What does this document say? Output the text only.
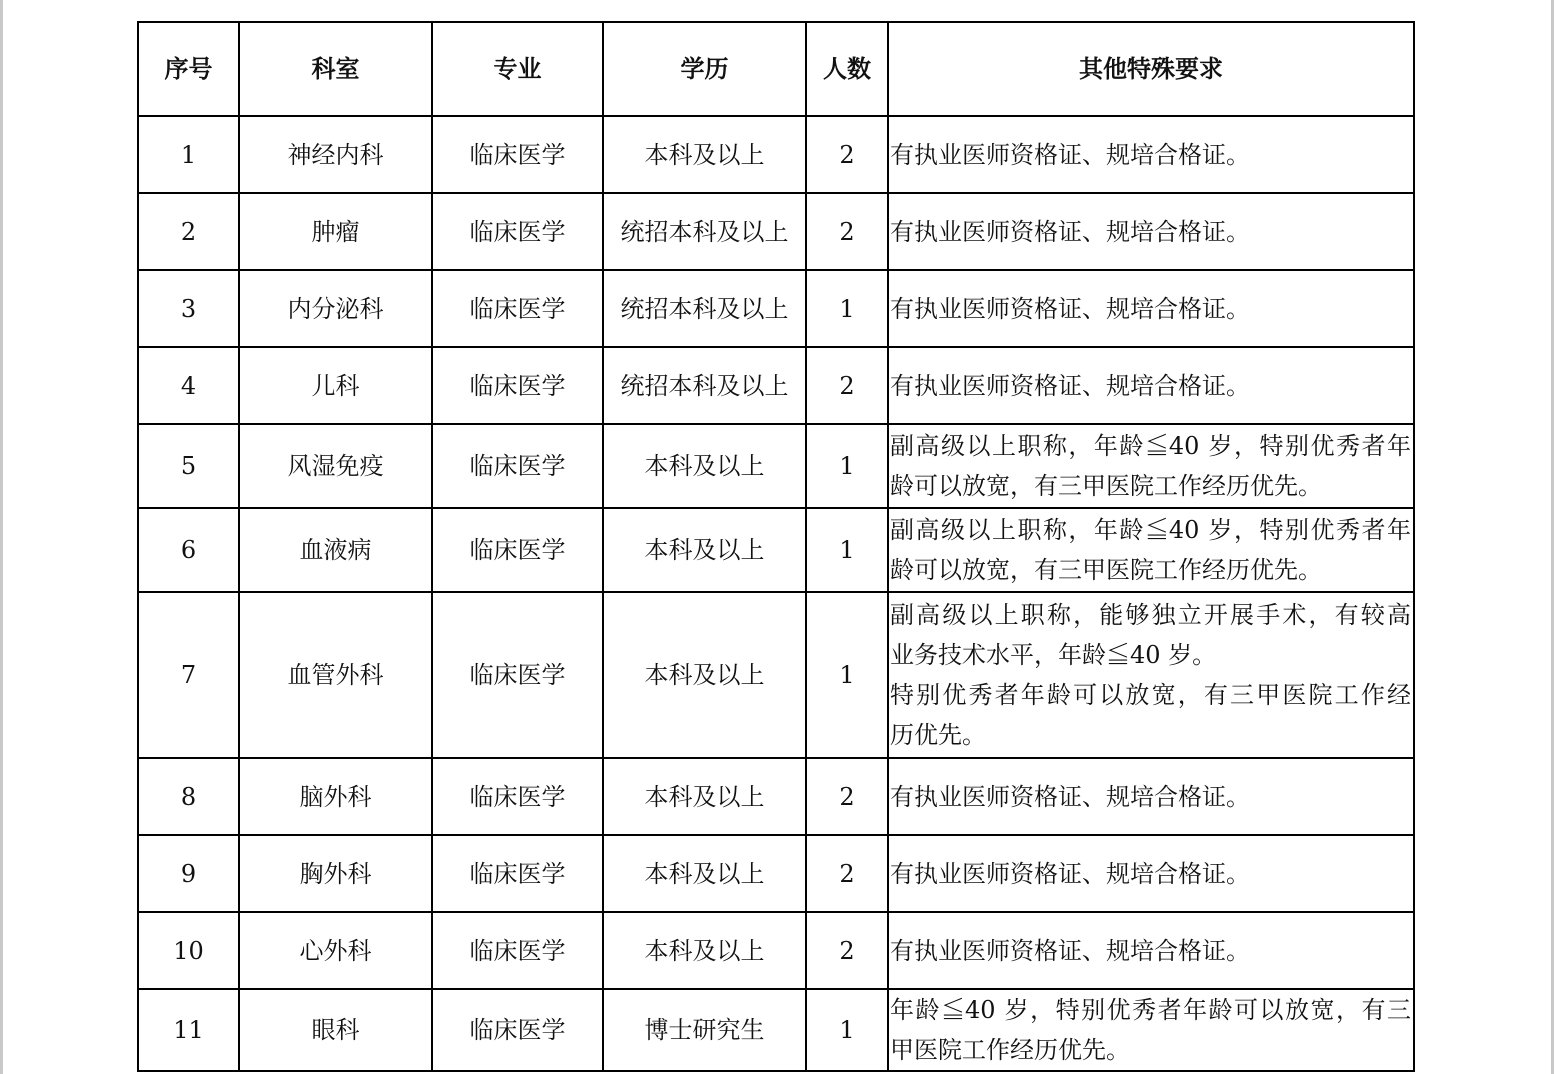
序号	科室	专业	学历	人数	其他特殊要求
1	神经内科	临床医学	本科及以上	2	有执业医师资格证、规培合格证。

2	肿瘤	临床医学	统招本科及以上	2	有执业医师资格证、规培合格证。

3	内分泌科	临床医学	统招本科及以上	1	有执业医师资格证、规培合格证。

4	儿科	临床医学	统招本科及以上	2	有执业医师资格证、规培合格证。

5	风湿免疫	临床医学	本科及以上	1	副高级以上职称，年龄≦40 岁，特别优秀者年
龄可以放宽，有三甲医院工作经历优先。

6	血液病	临床医学	本科及以上	1	副高级以上职称，年龄≦40 岁，特别优秀者年
龄可以放宽，有三甲医院工作经历优先。

7	血管外科	临床医学	本科及以上	1	副高级以上职称，能够独立开展手术，有较高
业务技术水平，年龄≦40 岁。
特别优秀者年龄可以放宽，有三甲医院工作经
历优先。

8	脑外科	临床医学	本科及以上	2	有执业医师资格证、规培合格证。

9	胸外科	临床医学	本科及以上	2	有执业医师资格证、规培合格证。

10	心外科	临床医学	本科及以上	2	有执业医师资格证、规培合格证。

11	眼科	临床医学	博士研究生	1	年龄≦40 岁，特别优秀者年龄可以放宽，有三
甲医院工作经历优先。
